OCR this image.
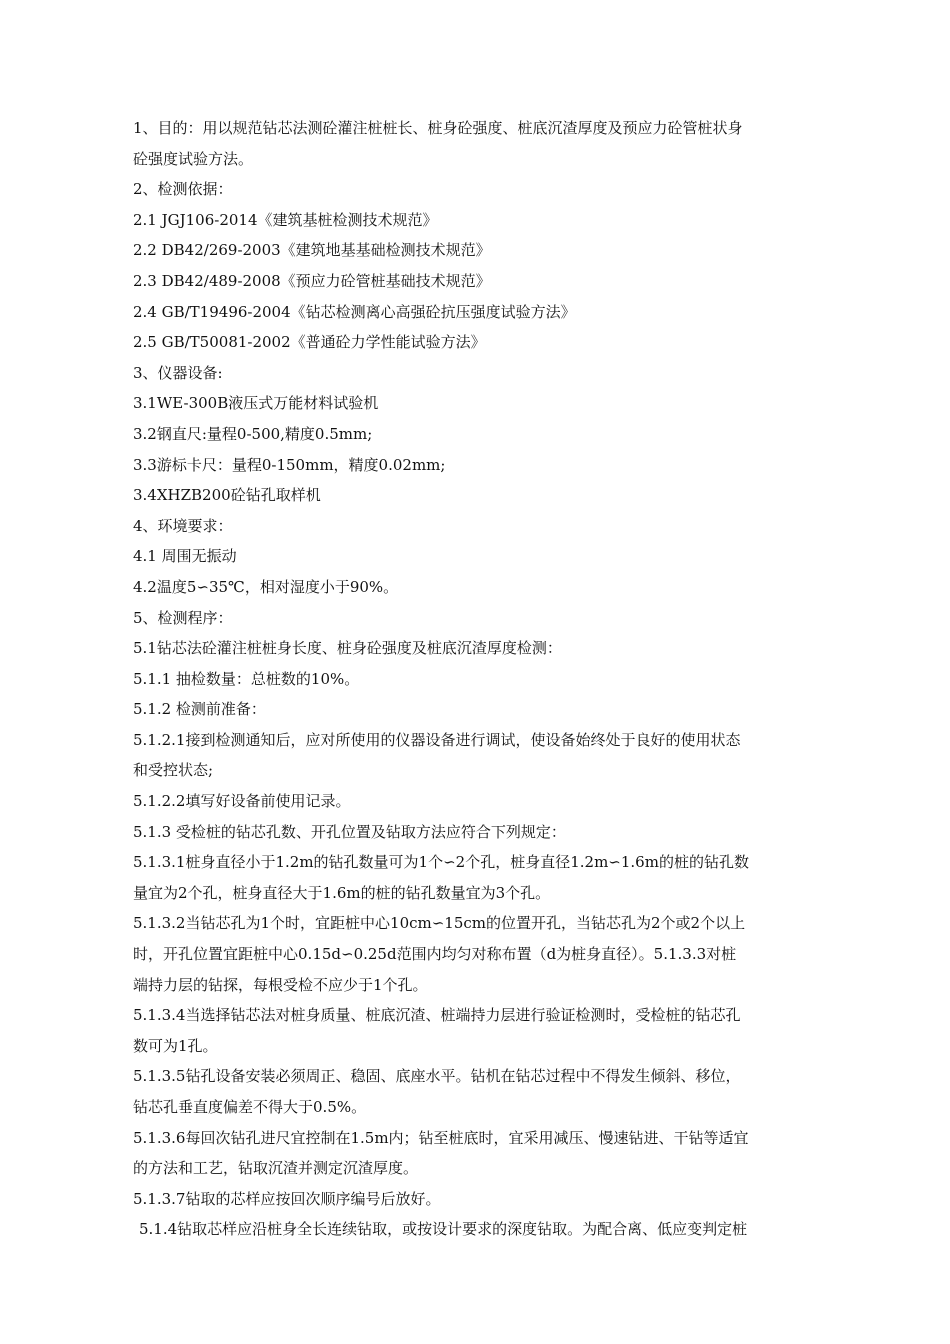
1、目的：用以规范钻芯法测砼灌注桩桩长、桩身砼强度、桩底沉渣厚度及预应力砼管桩状身
砼强度试验方法。
2、检测依据：
2.1 JGJ106-2014《建筑基桩检测技术规范》
2.2 DB42/269-2003《建筑地基基础检测技术规范》
2.3 DB42/489-2008《预应力砼管桩基础技术规范》
2.4 GB/T19496-2004《钻芯检测离心高强砼抗压强度试验方法》
2.5 GB/T50081-2002《普通砼力学性能试验方法》
3、仪器设备:
3.1WE-300B液压式万能材料试验机
3.2钢直尺:量程0-500,精度0.5mm;
3.3游标卡尺：量程0-150mm，精度0.02mm;
3.4XHZB200砼钻孔取样机
4、环境要求：
4.1 周围无振动
4.2温度5∽35℃，相对湿度小于90%。
5、检测程序：
5.1钻芯法砼灌注桩桩身长度、桩身砼强度及桩底沉渣厚度检测：
5.1.1 抽检数量：总桩数的10%。
5.1.2 检测前准备：
5.1.2.1接到检测通知后，应对所使用的仪器设备进行调试，使设备始终处于良好的使用状态
和受控状态;
5.1.2.2填写好设备前使用记录。
5.1.3 受检桩的钻芯孔数、开孔位置及钻取方法应符合下列规定：
5.1.3.1桩身直径小于1.2m的钻孔数量可为1个∽2个孔，桩身直径1.2m∽1.6m的桩的钻孔数
量宜为2个孔，桩身直径大于1.6m的桩的钻孔数量宜为3个孔。
5.1.3.2当钻芯孔为1个时，宜距桩中心10cm∽15cm的位置开孔，当钻芯孔为2个或2个以上
时，开孔位置宜距桩中心0.15d∽0.25d范围内均匀对称布置（d为桩身直径）。5.1.3.3对桩
端持力层的钻探，每根受检不应少于1个孔。
5.1.3.4当选择钻芯法对桩身质量、桩底沉渣、桩端持力层进行验证检测时，受检桩的钻芯孔
数可为1孔。
5.1.3.5钻孔设备安装必须周正、稳固、底座水平。钻机在钻芯过程中不得发生倾斜、移位，
钻芯孔垂直度偏差不得大于0.5%。
5.1.3.6每回次钻孔进尺宜控制在1.5m内；钻至桩底时，宜采用减压、慢速钻进、干钻等适宜
的方法和工艺，钻取沉渣并测定沉渣厚度。
5.1.3.7钻取的芯样应按回次顺序编号后放好。
5.1.4钻取芯样应沿桩身全长连续钻取，或按设计要求的深度钻取。为配合离、低应变判定桩
